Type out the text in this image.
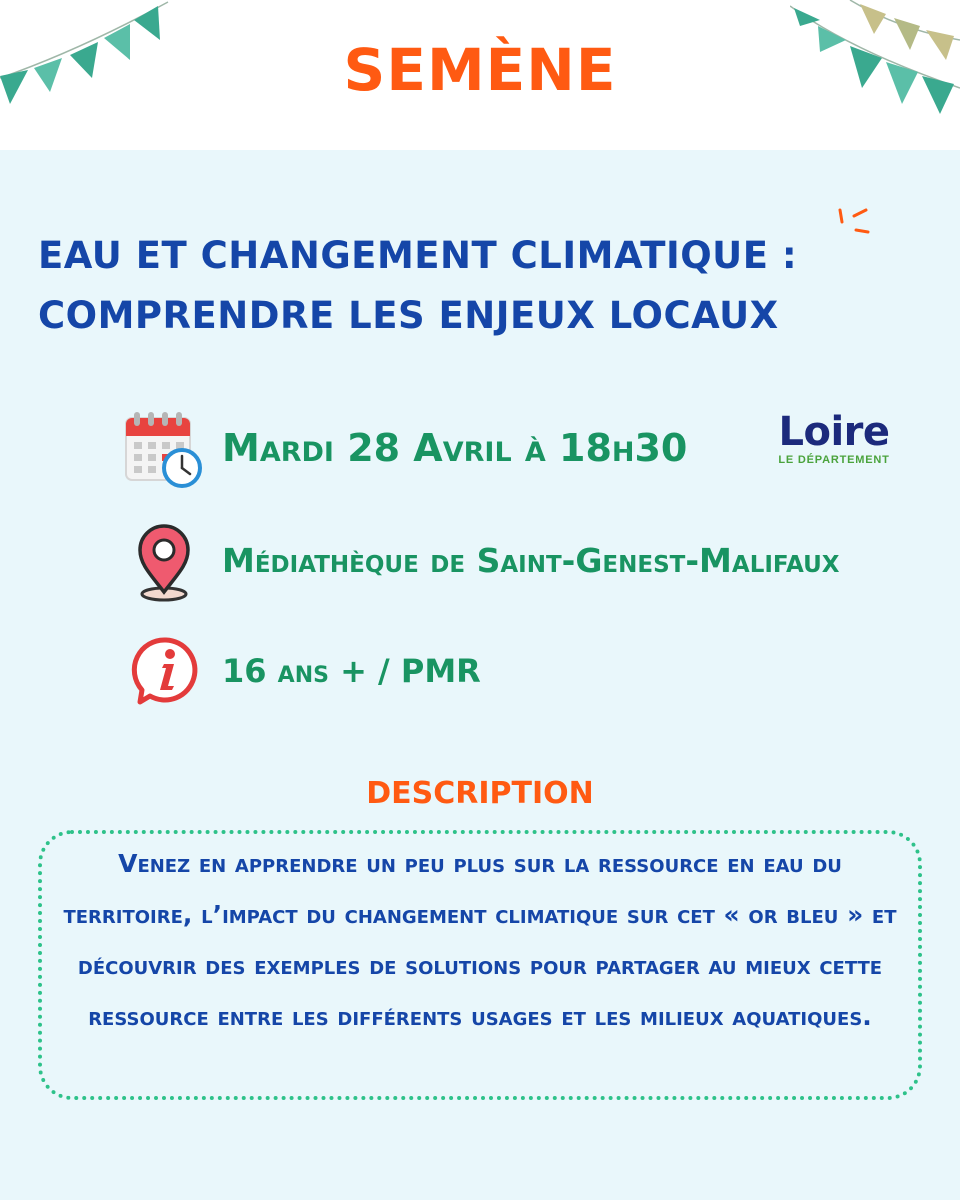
SEMÈNE
EAU ET CHANGEMENT CLIMATIQUE :
COMPRENDRE LES ENJEUX LOCAUX
Mardi 28 Avril à 18h30	Loire
LE DÉPARTEMENT
Médiathèque de Saint-Genest-Malifaux
16 ans + / PMR
DESCRIPTION
Venez en apprendre un peu plus sur la ressource en eau du territoire, l’impact du changement climatique sur cet « or bleu » et découvrir des exemples de solutions pour partager au mieux cette ressource entre les différents usages et les milieux aquatiques.
